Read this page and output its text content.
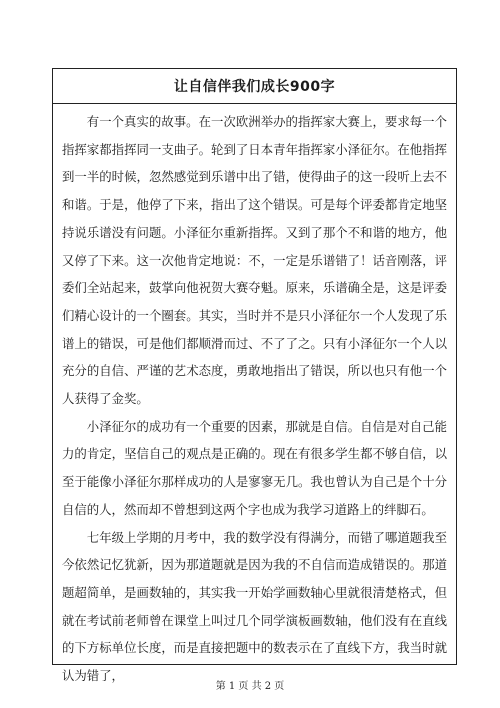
让自信伴我们成长900字

有一个真实的故事。在一次欧洲举办的指挥家大赛上，要求每一个指挥家都指挥同一支曲子。轮到了日本青年指挥家小泽征尔。在他指挥到一半的时候，忽然感觉到乐谱中出了错，使得曲子的这一段听上去不和谐。于是，他停了下来，指出了这个错误。可是每个评委都肯定地坚持说乐谱没有问题。小泽征尔重新指挥。又到了那个不和谐的地方，他又停了下来。这一次他肯定地说：不，一定是乐谱错了！话音刚落，评委们全站起来，鼓掌向他祝贺大赛夺魁。原来，乐谱确全是，这是评委们精心设计的一个圈套。其实，当时并不是只小泽征尔一个人发现了乐谱上的错误，可是他们都顺滑而过、不了了之。只有小泽征尔一个人以充分的自信、严谨的艺术态度，勇敢地指出了错误，所以也只有他一个人获得了金奖。

小泽征尔的成功有一个重要的因素，那就是自信。自信是对自己能力的肯定，坚信自己的观点是正确的。现在有很多学生都不够自信，以至于能像小泽征尔那样成功的人是寥寥无几。我也曾认为自己是个十分自信的人，然而却不曾想到这两个字也成为我学习道路上的绊脚石。

七年级上学期的月考中，我的数学没有得满分，而错了哪道题我至今依然记忆犹新，因为那道题就是因为我的不自信而造成错误的。那道题超简单，是画数轴的，其实我一开始学画数轴心里就很清楚格式，但就在考试前老师曾在课堂上叫过几个同学演板画数轴，他们没有在直线的下方标单位长度，而是直接把题中的数表示在了直线下方，我当时就认为错了，

第 1 页 共 2 页
